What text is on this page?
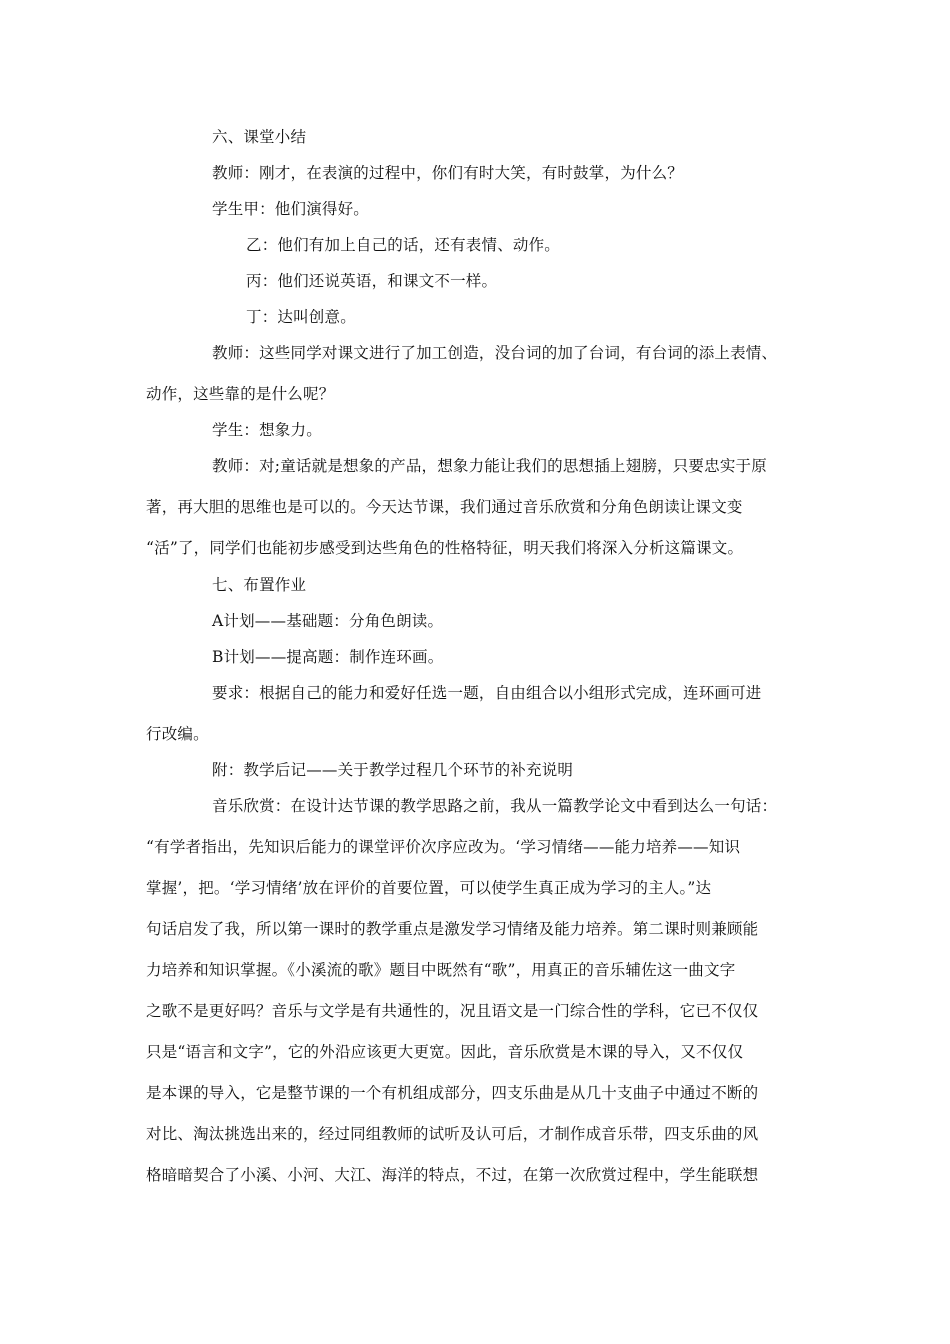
六、课堂小结
教师：刚才，在表演的过程中，你们有时大笑，有时鼓掌，为什么？
学生甲：他们演得好。
乙：他们有加上自己的话，还有表情、动作。
丙：他们还说英语，和课文不一样。
丁：达叫创意。
教师：这些同学对课文进行了加工创造，没台词的加了台词，有台词的添上表情、
动作，这些靠的是什么呢？
学生：想象力。
教师：对;童话就是想象的产品，想象力能让我们的思想插上翅膀，只要忠实于原
著，再大胆的思维也是可以的。今天达节课，我们通过音乐欣赏和分角色朗读让课文变
“活”了，同学们也能初步感受到达些角色的性格特征，明天我们将深入分析这篇课文。
七、布置作业
A计划——基础题：分角色朗读。
B计划——提高题：制作连环画。
要求：根据自己的能力和爱好任选一题，自由组合以小组形式完成，连环画可进
行改编。
附：教学后记——关于教学过程几个环节的补充说明
音乐欣赏：在设计达节课的教学思路之前，我从一篇教学论文中看到达么一句话：
“有学者指出，先知识后能力的课堂评价次序应改为。‘学习情绪——能力培养——知识
掌握’，把。‘学习情绪’放在评价的首要位置，可以使学生真正成为学习的主人。”达
句话启发了我，所以第一课时的教学重点是激发学习情绪及能力培养。第二课时则兼顾能
力培养和知识掌握。《小溪流的歌》题目中既然有“歌”，用真正的音乐辅佐这一曲文字
之歌不是更好吗？音乐与文学是有共通性的，况且语文是一门综合性的学科，它已不仅仅
只是“语言和文字”，它的外沿应该更大更宽。因此，音乐欣赏是木课的导入，又不仅仅
是本课的导入，它是整节课的一个有机组成部分，四支乐曲是从几十支曲子中通过不断的
对比、淘汰挑选出来的，经过同组教师的试听及认可后，才制作成音乐带，四支乐曲的风
格暗暗契合了小溪、小河、大江、海洋的特点，不过，在第一次欣赏过程中，学生能联想
